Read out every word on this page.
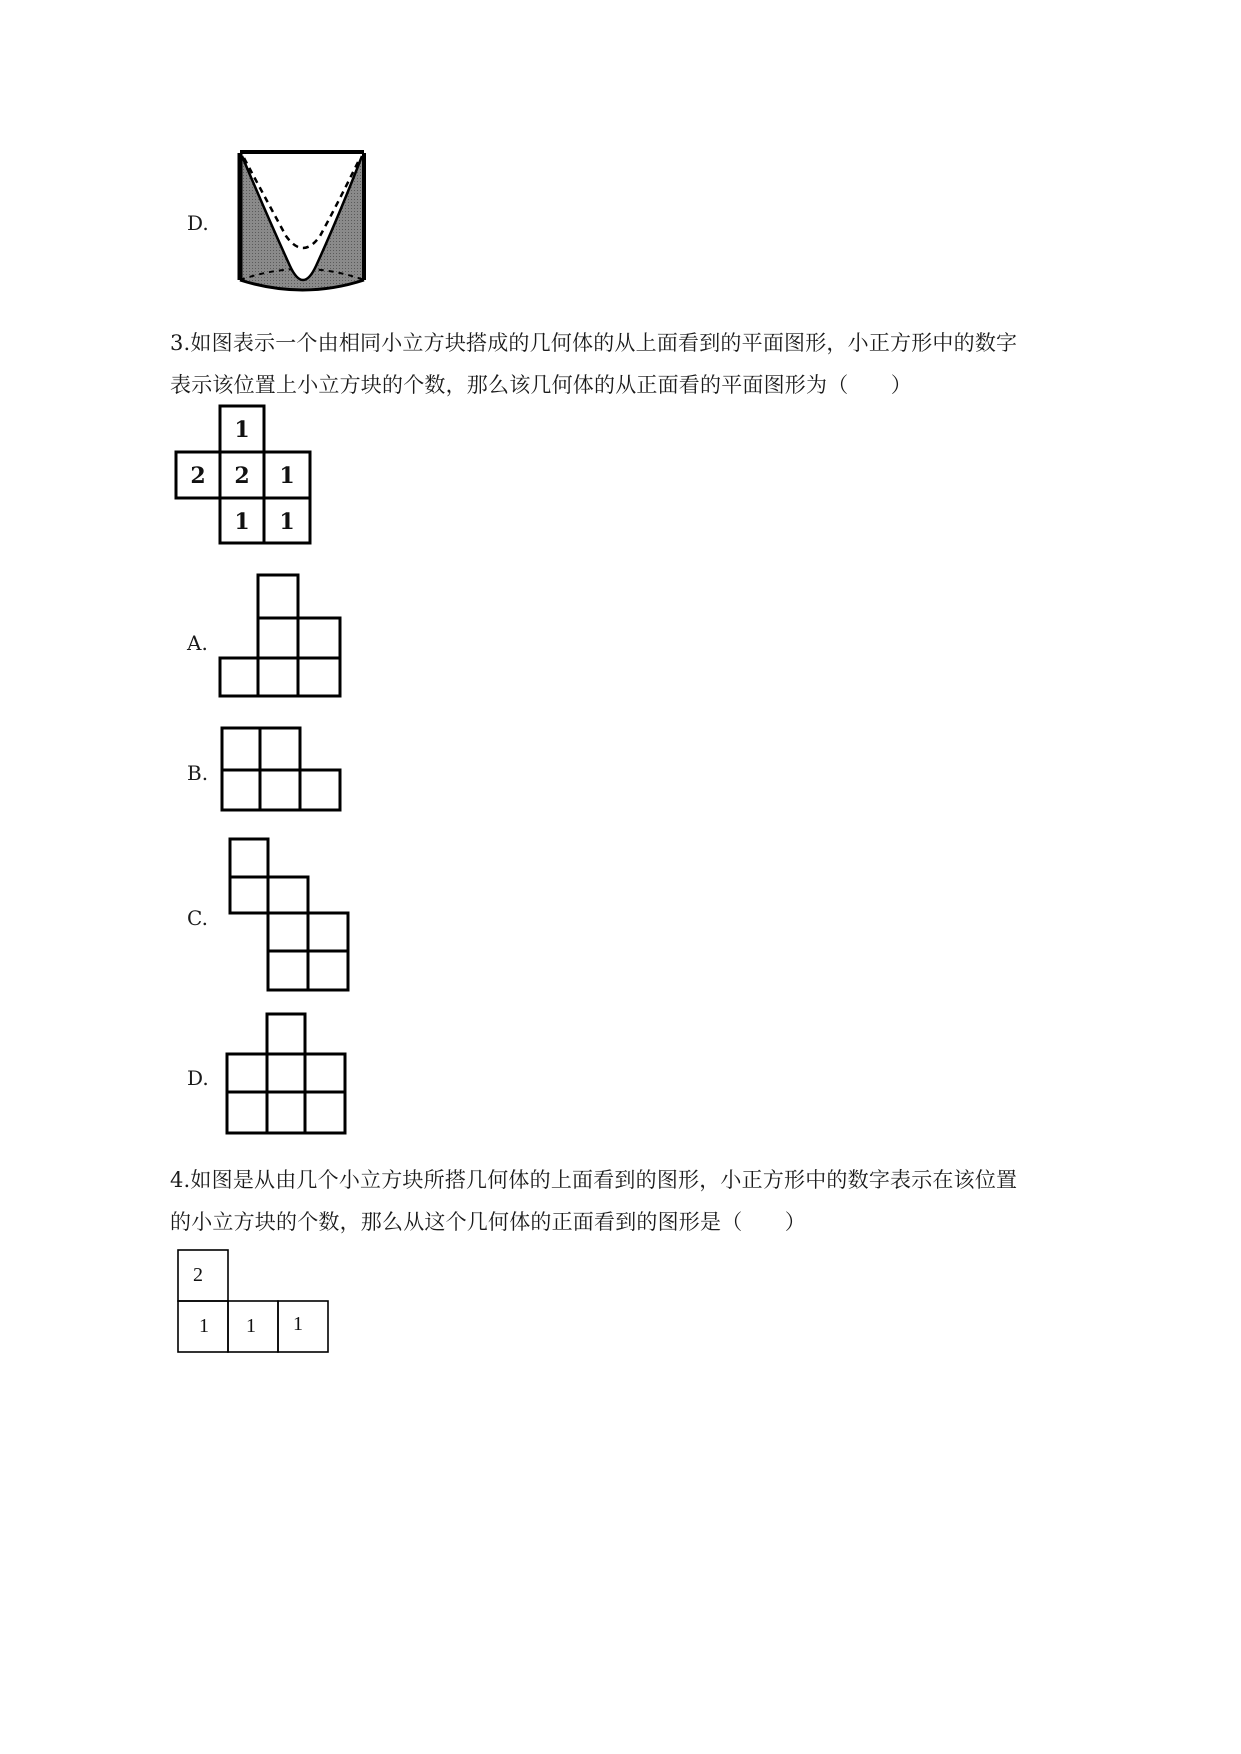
D.
3.如图表示一个由相同小立方块搭成的几何体的从上面看到的平面图形，小正方形中的数字
表示该位置上小立方块的个数，那么该几何体的从正面看的平面图形为（　　）
1
2 2 1
1 1
A.
B.
C.
D.
4.如图是从由几个小立方块所搭几何体的上面看到的图形，小正方形中的数字表示在该位置
的小立方块的个数，那么从这个几何体的正面看到的图形是（　　）
2
1 1 1
